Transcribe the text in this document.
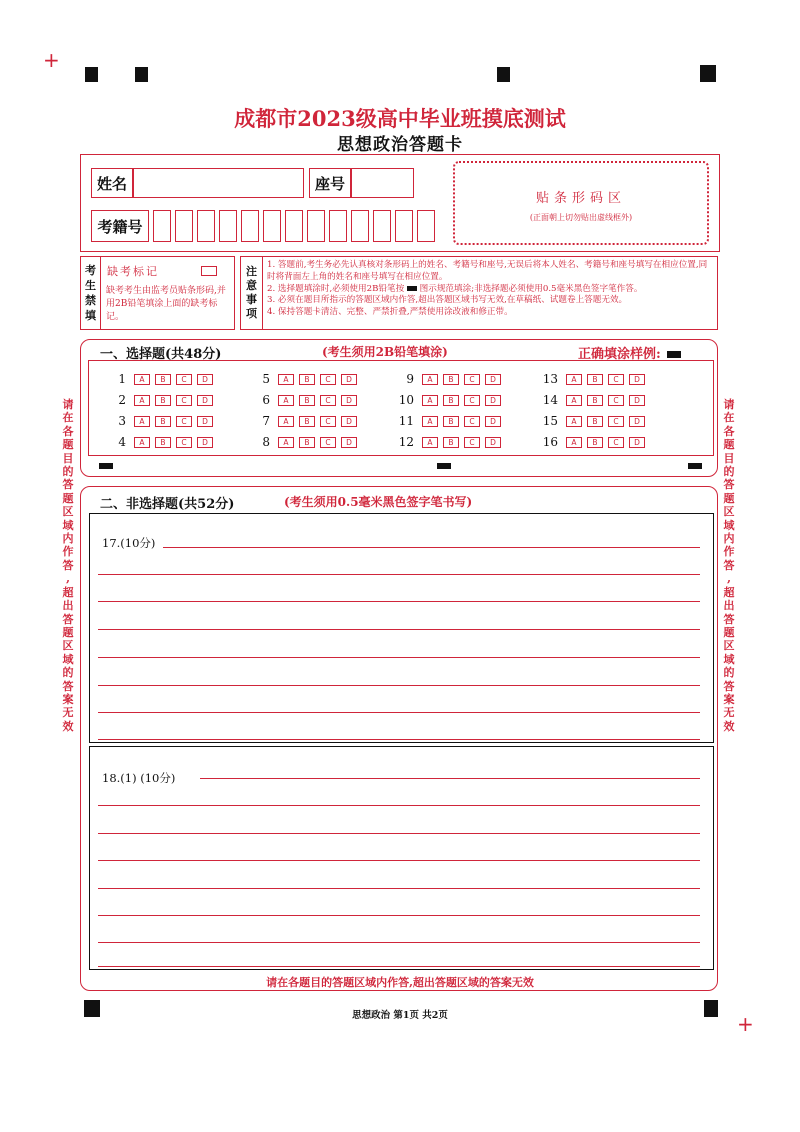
+
+
成都市2023级高中毕业班摸底测试
思想政治答题卡
姓名	座号
考籍号
贴条形码区
(正面朝上切勿贴出虚线框外)
考
生
禁
填
缺考标记
缺考考生由监考员贴条形码,并用2B铅笔填涂上面的缺考标记。
注
意
事
项
1. 答题前,考生务必先认真核对条形码上的姓名、考籍号和座号,无误后将本人姓名、考籍号和座号填写在相应位置,同时将背面左上角的姓名和座号填写在相应位置。
2. 选择题填涂时,必须使用2B铅笔按 图示规范填涂;非选择题必须使用0.5毫米黑色签字笔作答。
3. 必须在题目所指示的答题区域内作答,超出答题区域书写无效,在草稿纸、试题卷上答题无效。
4. 保持答题卡清洁、完整、严禁折叠,严禁使用涂改液和修正带。
一、选择题(共48分)	(考生须用2B铅笔填涂)	正确填涂样例:
1	A	B	C	D
2	A	B	C	D
3	A	B	C	D
4	A	B	C	D
5	A	B	C	D
6	A	B	C	D
7	A	B	C	D
8	A	B	C	D
9	A	B	C	D
10	A	B	C	D
11	A	B	C	D
12	A	B	C	D
13	A	B	C	D
14	A	B	C	D
15	A	B	C	D
16	A	B	C	D
二、非选择题(共52分)	(考生须用0.5毫米黑色签字笔书写)
17.(10分)
18.(1) (10分)
请在各题目的答题区域内作答,超出答题区域的答案无效
思想政治 第1页 共2页
请
在
各
题
目
的
答
题
区
域
内
作
答
,
超
出
答
题
区
域
的
答
案
无
效
请
在
各
题
目
的
答
题
区
域
内
作
答
,
超
出
答
题
区
域
的
答
案
无
效
